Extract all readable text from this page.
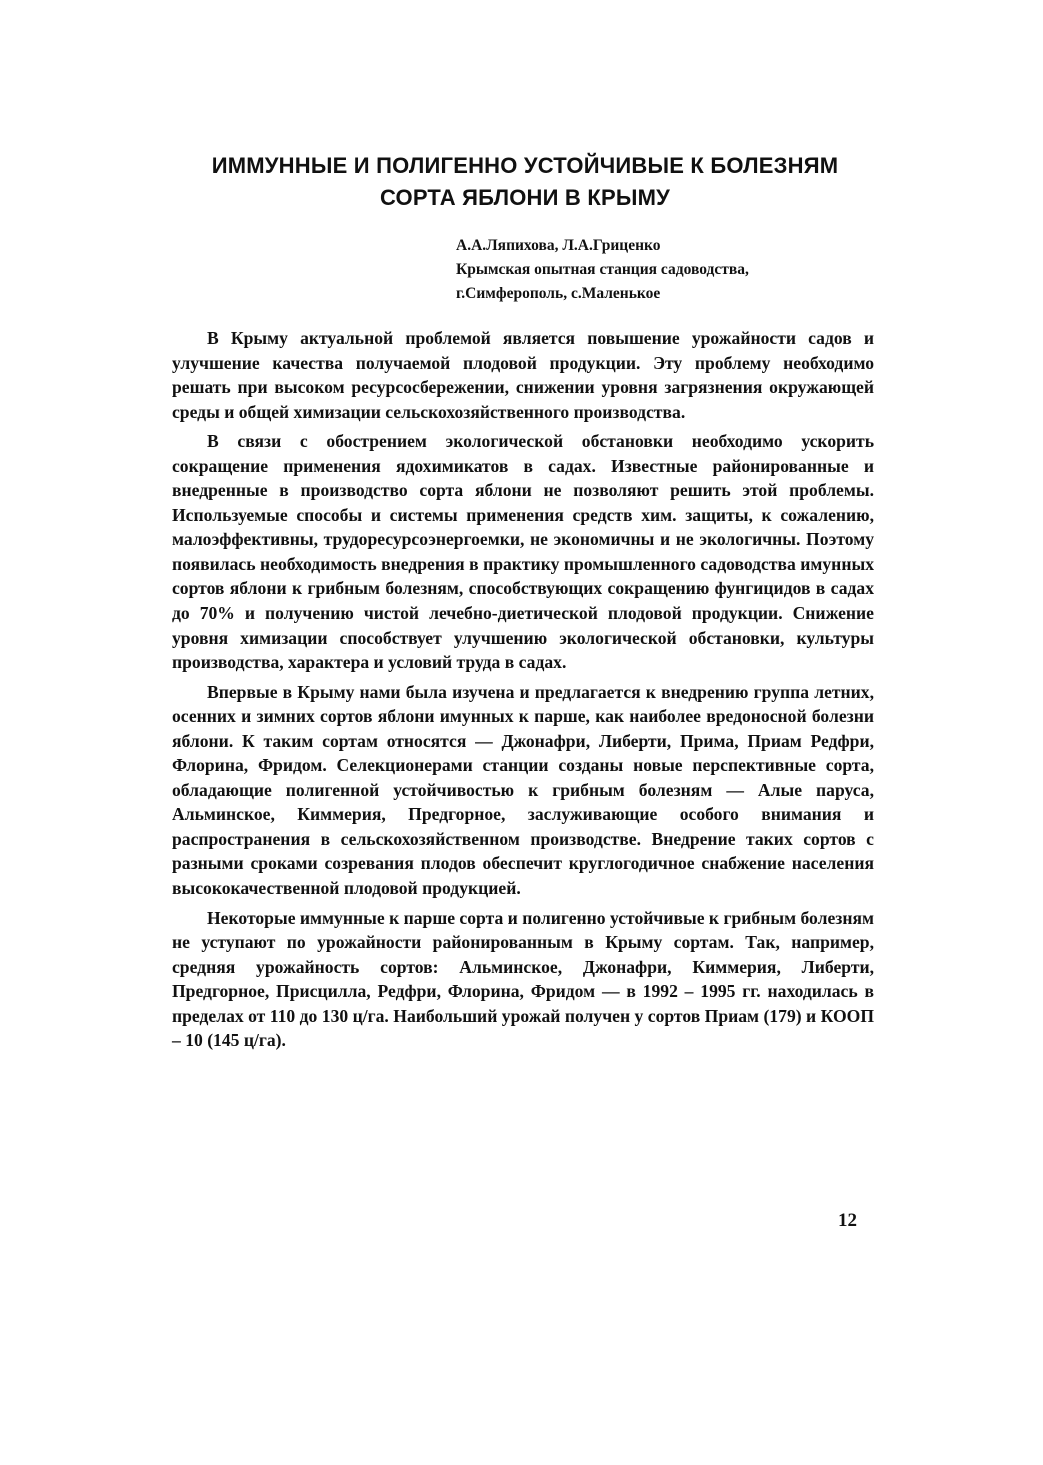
ИММУННЫЕ И ПОЛИГЕННО УСТОЙЧИВЫЕ К БОЛЕЗНЯМ
СОРТА ЯБЛОНИ В КРЫМУ
А.А.Ляпихова, Л.А.Гриценко
Крымская опытная станция садоводства,
г.Симферополь, с.Маленькое

В Крыму актуальной проблемой является повышение урожайности садов и улучшение качества получаемой плодовой продукции. Эту проблему необходимо решать при высоком ресурсосбережении, снижении уровня загрязнения окружающей среды и общей химизации сельскохозяйственного производства.

В связи с обострением экологической обстановки необходимо ускорить сокращение применения ядохимикатов в садах. Известные районированные и внедренные в производство сорта яблони не позволяют решить этой проблемы. Используемые способы и системы применения средств хим. защиты, к сожалению, малоэффективны, трудоресурсоэнергоемки, не экономичны и не экологичны. Поэтому появилась необходимость внедрения в практику промышленного садоводства имунных сортов яблони к грибным болезням, способствующих сокращению фунгицидов в садах до 70% и получению чистой лечебно-диетической плодовой продукции. Снижение уровня химизации способствует улучшению экологической обстановки, культуры производства, характера и условий труда в садах.

Впервые в Крыму нами была изучена и предлагается к внедрению группа летних, осенних и зимних сортов яблони имунных к парше, как наиболее вредоносной болезни яблони. К таким сортам относятся — Джонафри, Либерти, Прима, Приам Редфри, Флорина, Фридом. Селекционерами станции созданы новые перспективные сорта, обладающие полигенной устойчивостью к грибным болезням — Алые паруса, Альминское, Киммерия, Предгорное, заслуживающие особого внимания и распространения в сельскохозяйственном производстве. Внедрение таких сортов с разными сроками созревания плодов обеспечит круглогодичное снабжение населения высококачественной плодовой продукцией.

Некоторые иммунные к парше сорта и полигенно устойчивые к грибным болезням не уступают по урожайности районированным в Крыму сортам. Так, например, средняя урожайность сортов: Альминское, Джонафри, Киммерия, Либерти, Предгорное, Присцилла, Редфри, Флорина, Фридом — в 1992 – 1995 гг. находилась в пределах от 110 до 130 ц/га. Наибольший урожай получен у сортов Приам (179) и КООП – 10 (145 ц/га).

12
